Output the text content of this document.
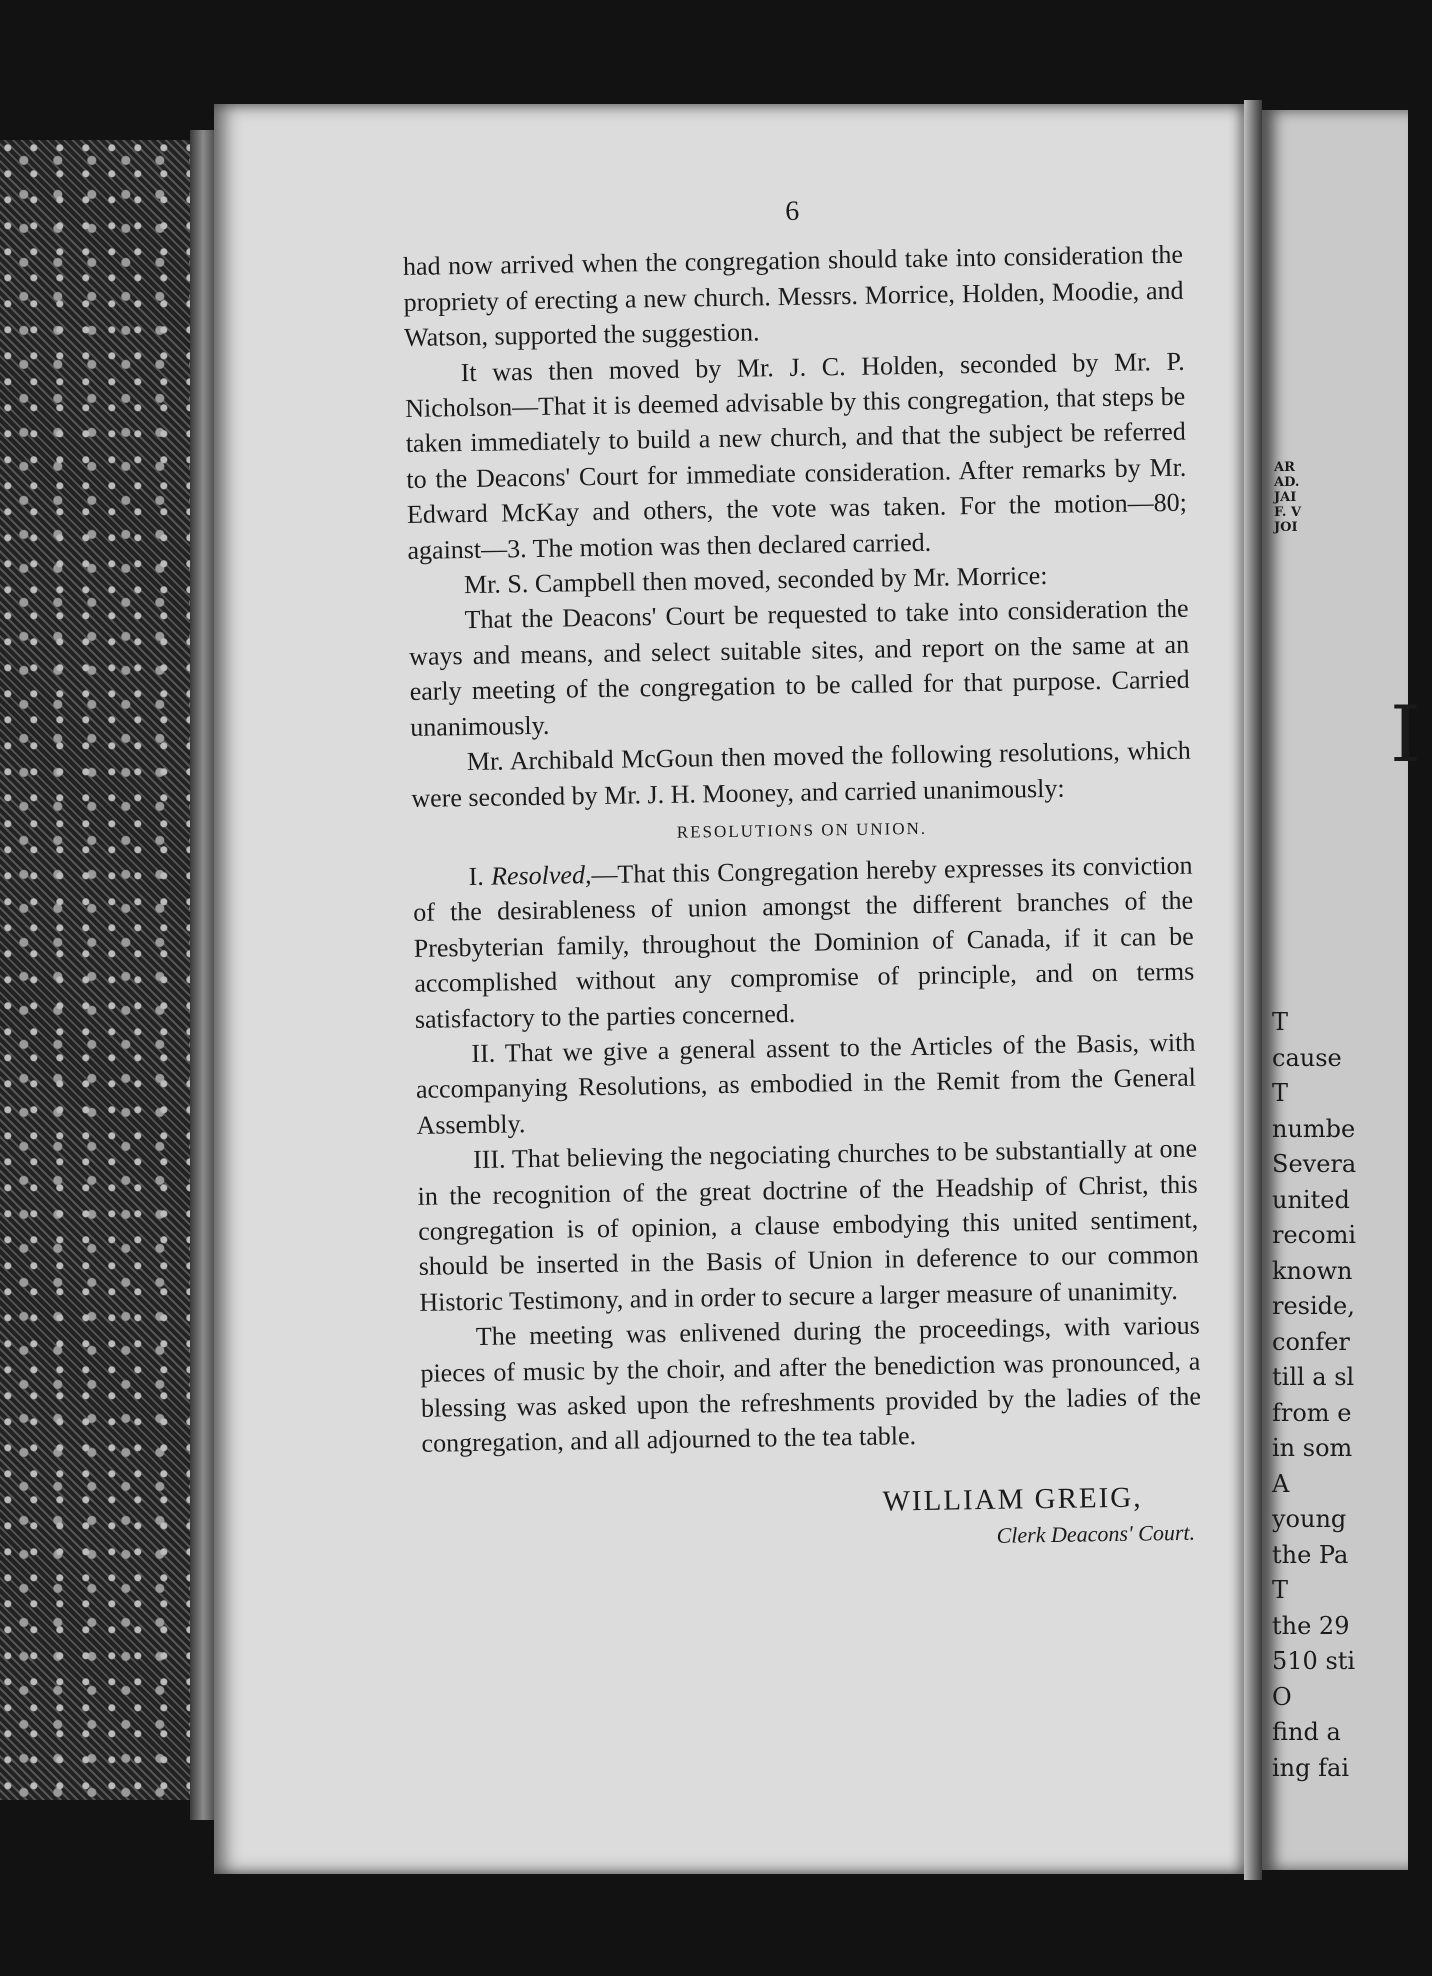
AR
AD.
JAI
F. V
JOI
I
T
cause
T
numbe
Severa
united
recomi
known
reside,
confer
till a sl
from e
in som
A
young
the Pa
T
the 29
510 sti
O
find a
ing fai
6

had now arrived when the congregation should take into consideration the propriety of erecting a new church. Messrs. Morrice, Holden, Moodie, and Watson, supported the suggestion.

It was then moved by Mr. J. C. Holden, seconded by Mr. P. Nicholson—That it is deemed advisable by this congregation, that steps be taken immediately to build a new church, and that the subject be referred to the Deacons' Court for immediate consideration. After remarks by Mr. Edward McKay and others, the vote was taken. For the motion—80; against—3. The motion was then declared carried.

Mr. S. Campbell then moved, seconded by Mr. Morrice:

That the Deacons' Court be requested to take into consideration the ways and means, and select suitable sites, and report on the same at an early meeting of the congregation to be called for that purpose. Carried unanimously.

Mr. Archibald McGoun then moved the following resolutions, which were seconded by Mr. J. H. Mooney, and carried unanimously:

RESOLUTIONS ON UNION.

I. Resolved,—That this Congregation hereby expresses its conviction of the desirableness of union amongst the different branches of the Presbyterian family, throughout the Dominion of Canada, if it can be accomplished without any compromise of principle, and on terms satisfactory to the parties concerned.

II. That we give a general assent to the Articles of the Basis, with accompanying Resolutions, as embodied in the Remit from the General Assembly.

III. That believing the negociating churches to be substantially at one in the recognition of the great doctrine of the Headship of Christ, this congregation is of opinion, a clause embodying this united sentiment, should be inserted in the Basis of Union in deference to our common Historic Testimony, and in order to secure a larger measure of unanimity.

The meeting was enlivened during the proceedings, with various pieces of music by the choir, and after the benediction was pronounced, a blessing was asked upon the refreshments provided by the ladies of the congregation, and all adjourned to the tea table.

WILLIAM GREIG,
Clerk Deacons' Court.
